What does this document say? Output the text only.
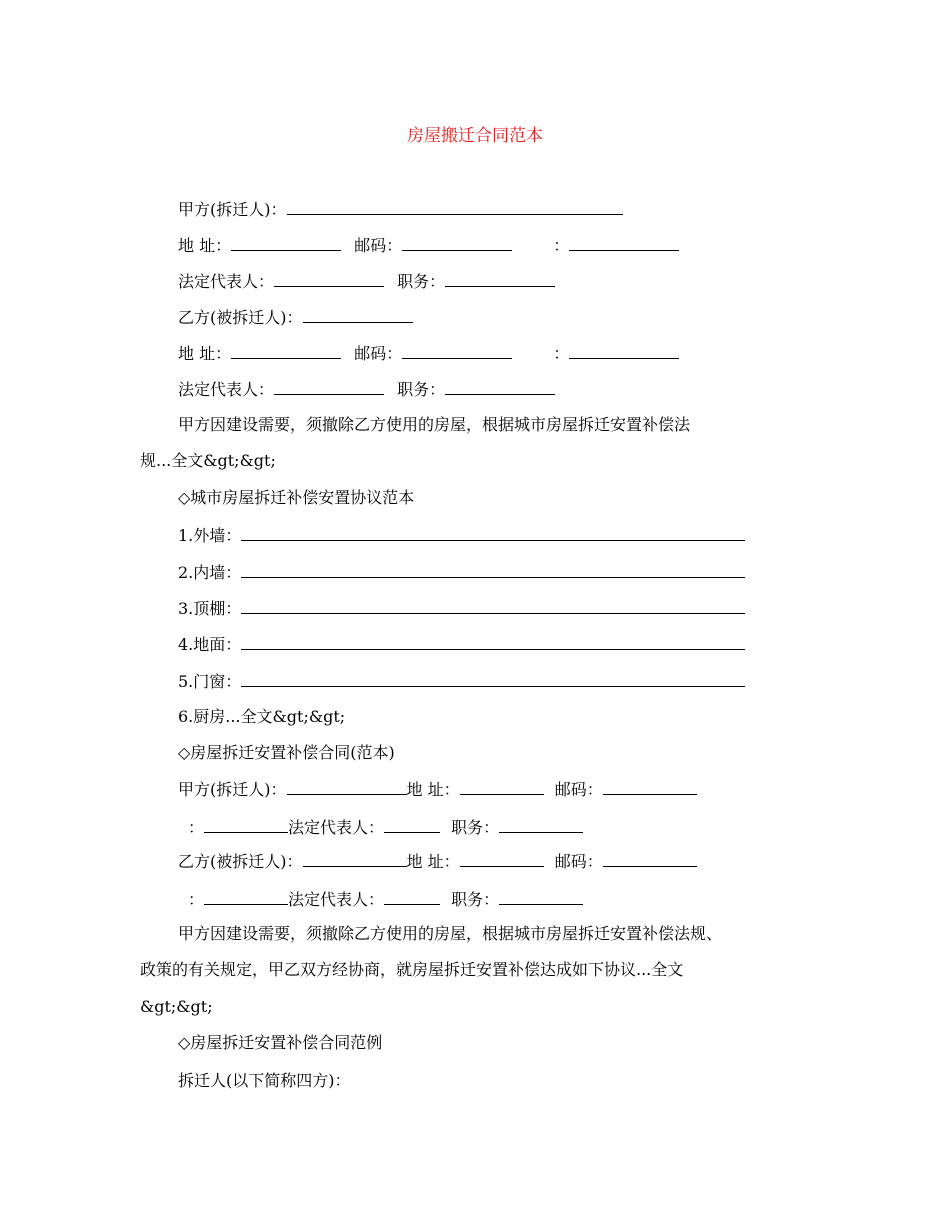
房屋搬迁合同范本
甲方(拆迁人)：
地 址：	邮码：	：
法定代表人：	职务：
乙方(被拆迁人)：
地 址：	邮码：	：
法定代表人：	职务：
甲方因建设需要，须撤除乙方使用的房屋，根据城市房屋拆迁安置补偿法
规...全文&gt;&gt;
◇城市房屋拆迁补偿安置协议范本
1.外墙：
2.内墙：
3.顶棚：
4.地面：
5.门窗：
6.厨房...全文&gt;&gt;
◇房屋拆迁安置补偿合同(范本)
甲方(拆迁人)：	地 址：	邮码：
：	法定代表人：	职务：
乙方(被拆迁人)：	地 址：	邮码：
：	法定代表人：	职务：
甲方因建设需要，须撤除乙方使用的房屋，根据城市房屋拆迁安置补偿法规、
政策的有关规定，甲乙双方经协商，就房屋拆迁安置补偿达成如下协议...全文
&gt;&gt;
◇房屋拆迁安置补偿合同范例
拆迁人(以下简称四方)：
